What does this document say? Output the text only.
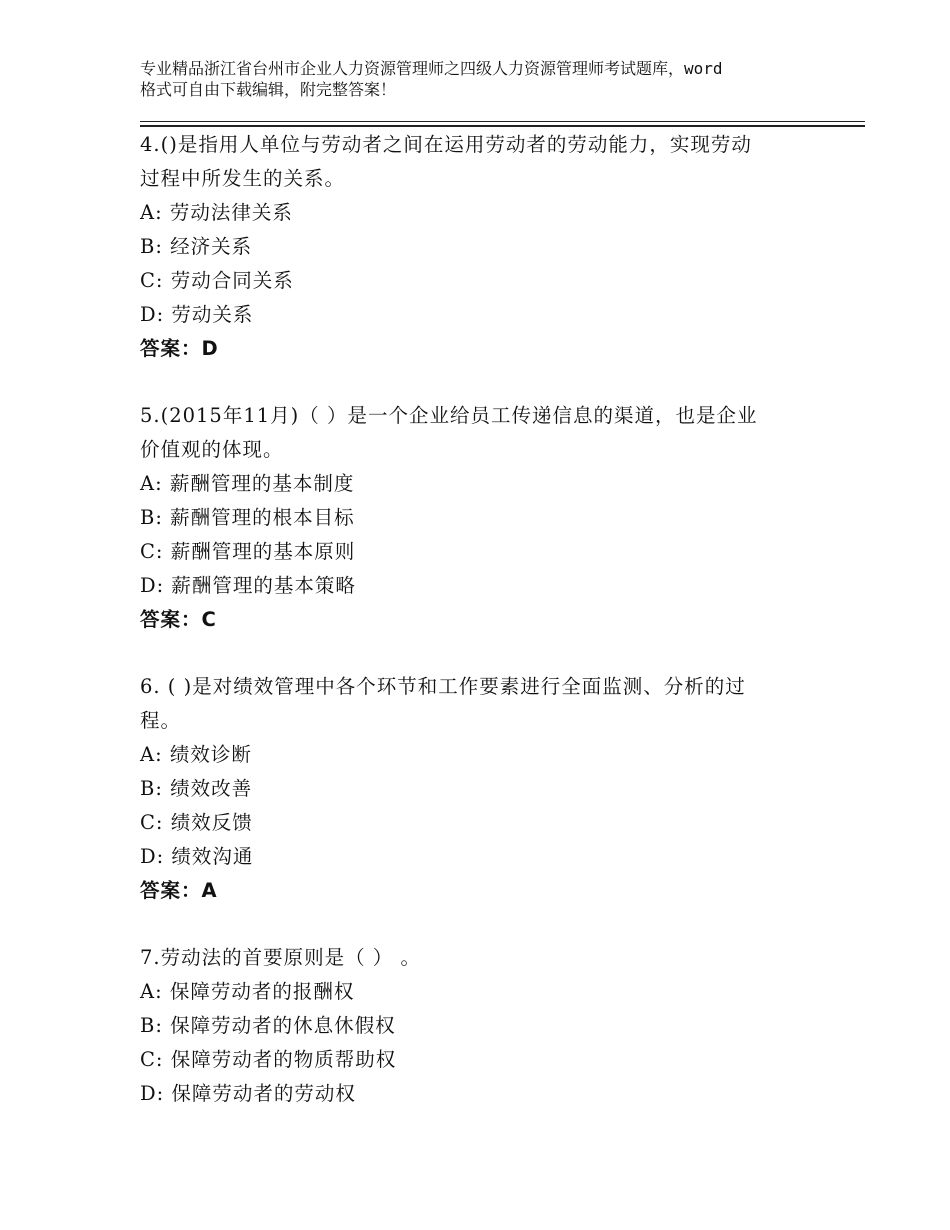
专业精品浙江省台州市企业人力资源管理师之四级人力资源管理师考试题库，word
格式可自由下载编辑，附完整答案！
4.()是指用人单位与劳动者之间在运用劳动者的劳动能力，实现劳动
过程中所发生的关系。
A: 劳动法律关系
B: 经济关系
C: 劳动合同关系
D: 劳动关系
答案：D
5.(2015年11月)（ ）是一个企业给员工传递信息的渠道，也是企业
价值观的体现。
A: 薪酬管理的基本制度
B: 薪酬管理的根本目标
C: 薪酬管理的基本原则
D: 薪酬管理的基本策略
答案：C
6. ( )是对绩效管理中各个环节和工作要素进行全面监测、分析的过
程。
A: 绩效诊断
B: 绩效改善
C: 绩效反馈
D: 绩效沟通
答案：A
7.劳动法的首要原则是（ ） 。
A: 保障劳动者的报酬权
B: 保障劳动者的休息休假权
C: 保障劳动者的物质帮助权
D: 保障劳动者的劳动权
